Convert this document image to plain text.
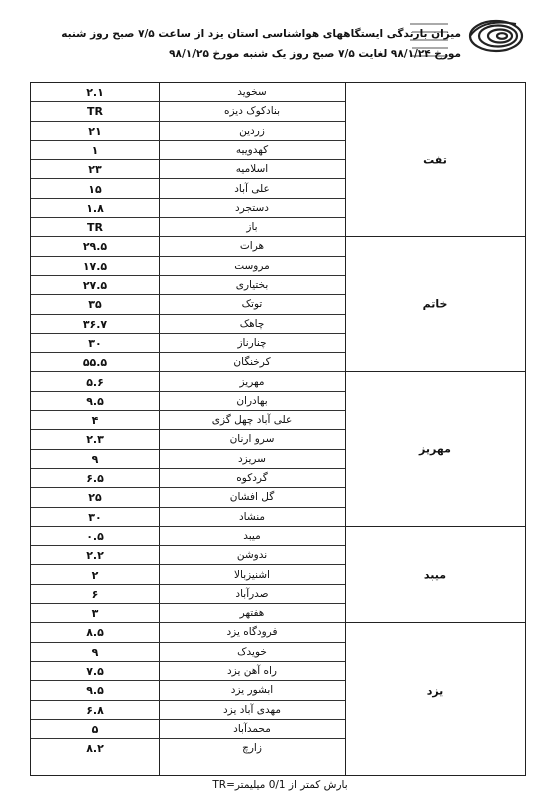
میزان بارندگی ایستگاههای هواشناسی استان یزد از ساعت ۷/۵ صبح روز شنبه
مورخ ۹۸/۱/۲۴ لغایت ۷/۵ صبح روز یک شنبه مورخ ۹۸/۱/۲۵
تفت
۲.۱	سخوید
TR	بنادکوک دیزه
۲۱	زردین
۱	کهدوییه
۲۳	اسلامیه
۱۵	علی آباد
۱.۸	دستجرد
TR	باز
خاتم
۲۹.۵	هرات
۱۷.۵	مروست
۲۷.۵	بختیاری
۳۵	توتک
۳۶.۷	چاهک
۳۰	چنارناز
۵۵.۵	کرخنگان
مهریز
۵.۶	مهریز
۹.۵	بهادران
۴	علی آباد چهل گزی
۲.۳	سرو ارنان
۹	سریزد
۶.۵	گردکوه
۲۵	گل افشان
۳۰	منشاد
میبد
۰.۵	میبد
۲.۲	ندوشن
۲	اشنیزبالا
۶	صدرآباد
۳	هفتهر
یزد
۸.۵	فرودگاه یزد
۹	خویدک
۷.۵	راه آهن یزد
۹.۵	ابشور یزد
۶.۸	مهدی آباد یزد
۵	محمدآباد
۸.۲	زارچ
بارش کمتر از 0/1 میلیمتر=TR
